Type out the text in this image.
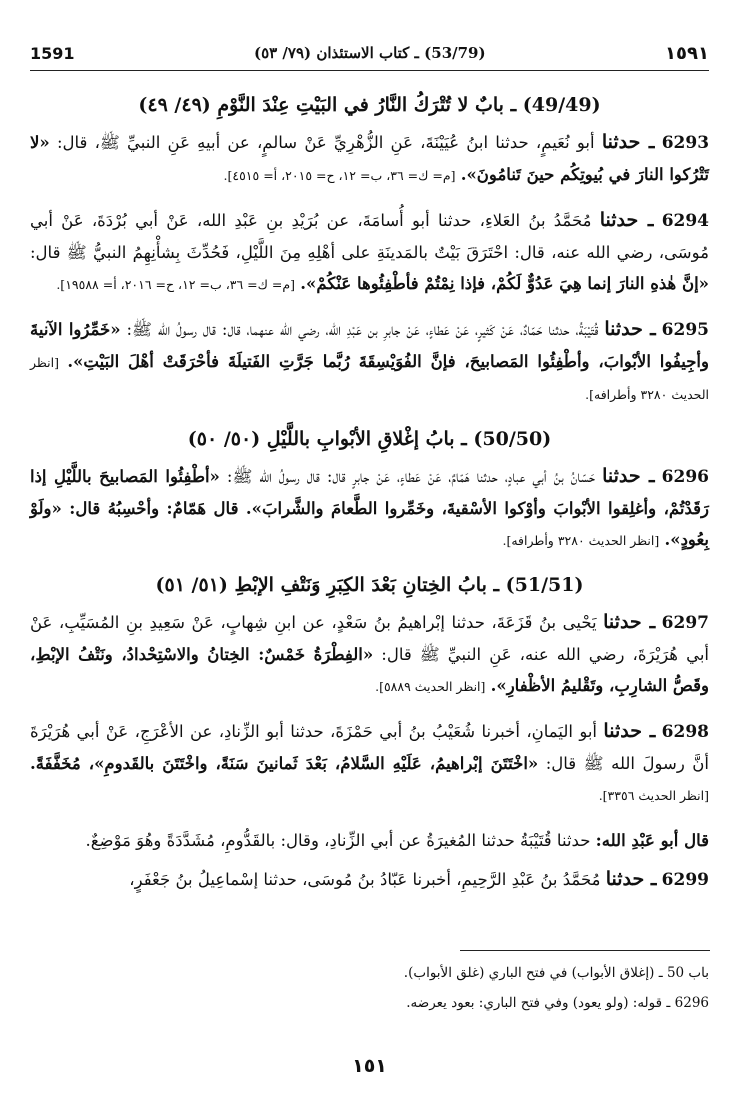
1591	(53/79) ـ كتاب الاستئذان (٧٩/ ٥٣)	١٥٩١
(49/49) ـ بابٌ لا تُتْرَكُ النَّارُ في البَيْتِ عِنْدَ النَّوْمِ (٤٩/ ٤٩)

6293 ـ حدثنا أبو نُعَيمٍ، حدثنا ابنُ عُيَيْنَةَ، عَنِ الزُّهْرِيِّ عَنْ سالمٍ، عن أبيهِ عَنِ النبيِّ ﷺ، قال: «لا تَتْرُكوا النارَ في بُيوتِكُم حينَ تَنامُونَ». [م= ك= ٣٦، ب= ١٢، ح= ٢٠١٥، أ= ٤٥١٥].

6294 ـ حدثنا مُحَمَّدُ بنُ العَلاءِ، حدثنا أبو أُسامَةَ، عن بُرَيْدِ بنِ عَبْدِ الله، عَنْ أبي بُرْدَةَ، عَنْ أبي مُوسَى، رضي الله عنه، قال: احْتَرَقَ بَيْتٌ بالمَدينَةِ على أهْلِهِ مِنَ اللَّيْلِ، فَحُدِّثَ بِشأْنِهِمُ النبيُّ ﷺ قال: «إنَّ هٰذهِ النارَ إنما هِيَ عَدُوٌّ لَكُمْ، فإذا نِمْتُمْ فأطْفِئُوها عَنْكُمْ». [م= ك= ٣٦، ب= ١٢، ح= ٢٠١٦، أ= ١٩٥٨٨].

6295 ـ حدثنا قُتَيْبَةُ، حدثنا حَمّادٌ، عَنْ كَثيرٍ، عَنْ عَطاءٍ، عَنْ جابرِ بن عَبْدِ الله، رضي الله عنهما، قال: قال رسولُ الله ﷺ: «خَمِّرُوا الآنيةَ وأجِيفُوا الأبْوابَ، وأطْفِئُوا المَصابيحَ، فإنَّ الفُوَيْسِقَةَ رُبَّما جَرَّتِ الفَتيلَةَ فأحْرَقَتْ أهْلَ البَيْتِ». [انظر الحديث ٣٢٨٠ وأطرافه].

(50/50) ـ بابُ إغْلاقِ الأبْوابِ باللَّيْلِ (٥٠/ ٥٠)

6296 ـ حدثنا حَسّانُ بنُ أبي عبادٍ، حدثنا هَمّامٌ، عَنْ عَطاءٍ، عَنْ جابرٍ قال: قال رسولُ الله ﷺ: «أطْفِئُوا المَصابيحَ باللَّيْلِ إذا رَقَدْتُمْ، وأغلِقوا الأبْوابَ وأوْكوا الأسْقيةَ، وخَمِّروا الطَّعامَ والشَّرابَ». قال هَمّامٌ: وأحْسِبُهُ قال: «ولَوْ بِعُودٍ». [انظر الحديث ٣٢٨٠ وأطرافه].

(51/51) ـ بابُ الخِتانِ بَعْدَ الكِبَرِ وَنَتْفِ الإبْطِ (٥١/ ٥١)

6297 ـ حدثنا يَحْيى بنُ قَزَعَةَ، حدثنا إبْراهيمُ بنُ سَعْدٍ، عن ابنِ شِهابٍ، عَنْ سَعِيدِ بنِ المُسَيِّبِ، عَنْ أبي هُرَيْرَةَ، رضي الله عنه، عَنِ النبيِّ ﷺ قال: «الفِطْرَةُ خَمْسٌ: الخِتانُ والاسْتِحْدادُ، ونَتْفُ الإبْطِ، وقَصُّ الشارِبِ، وتَقْليمُ الأظْفارِ». [انظر الحديث ٥٨٨٩].

6298 ـ حدثنا أبو اليَمانِ، أخبرنا شُعَيْبُ بنُ أبي حَمْزَةَ، حدثنا أبو الزِّنادِ، عن الأعْرَجِ، عَنْ أبي هُرَيْرَةَ أنَّ رسولَ الله ﷺ قال: «اخْتَتَنَ إبْراهيمُ، عَلَيْهِ السَّلامُ، بَعْدَ ثَمانينَ سَنَةً، واخْتَتَنَ بالقَدومِ»، مُخَفَّفَةً. [انظر الحديث ٣٣٥٦].

قال أبو عَبْدِ الله: حدثنا قُتَيْبَةُ حدثنا المُغيرَةُ عن أبي الزِّنادِ، وقال: بالقَدُّومِ، مُشَدَّدَةً وهُوَ مَوْضِعٌ.

6299 ـ حدثنا مُحَمَّدُ بنُ عَبْدِ الرَّحِيمِ، أخبرنا عَبّادُ بنُ مُوسَى، حدثنا إسْماعِيلُ بنُ جَعْفَرٍ،

باب 50 ـ (إغلاق الأبواب) في فتح الباري (غلق الأبواب).

6296 ـ قوله: (ولو يعود) وفي فتح الباري: بعود يعرضه.

١٥١
